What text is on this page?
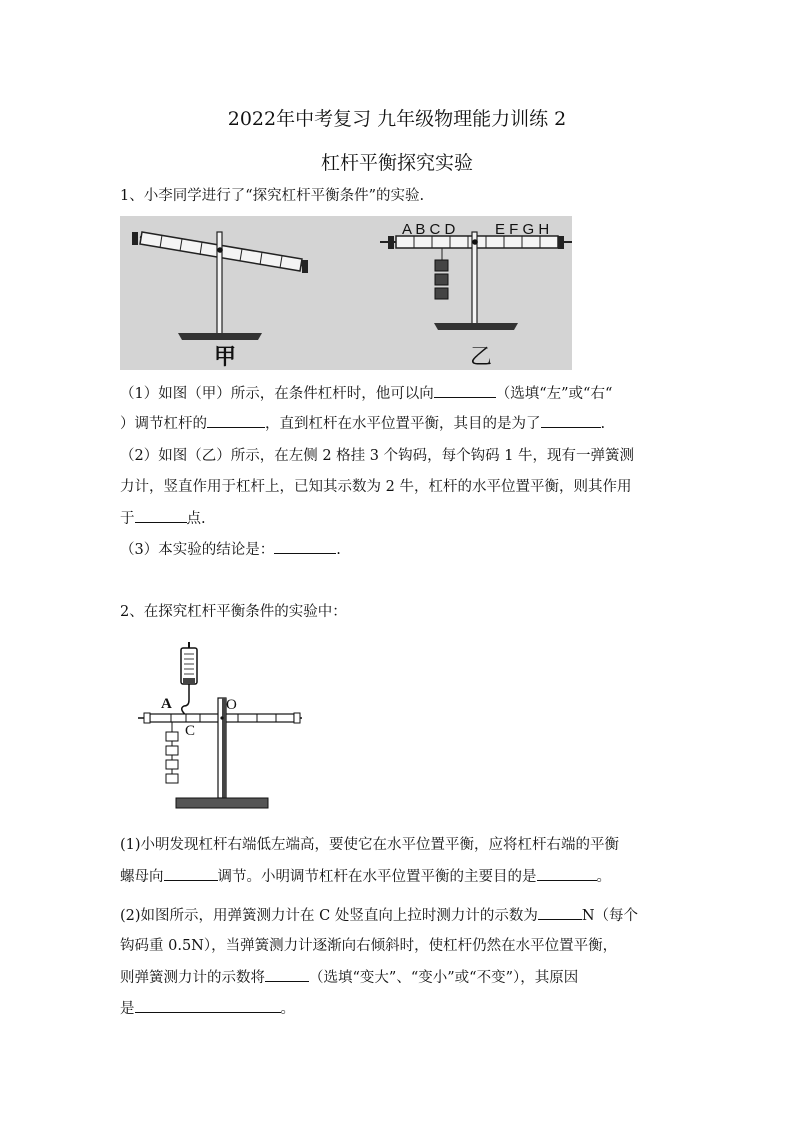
2022年中考复习 九年级物理能力训练 2
杠杆平衡探究实验
1、小李同学进行了“探究杠杆平衡条件”的实验.
甲
A B C D	E F G H
乙
（1）如图（甲）所示，在条件杠杆时，他可以向	（选填“左”或“右“
）调节杠杆的	，直到杠杆在水平位置平衡，其目的是为了	.
（2）如图（乙）所示，在左侧 2 格挂 3 个钩码，每个钩码 1 牛，现有一弹簧测
力计，竖直作用于杠杆上，已知其示数为 2 牛，杠杆的水平位置平衡，则其作用
于	点.
（3）本实验的结论是：	.
2、在探究杠杆平衡条件的实验中：
A
C
O
(1)小明发现杠杆右端低左端高，要使它在水平位置平衡，应将杠杆右端的平衡
螺母向	调节。小明调节杠杆在水平位置平衡的主要目的是	。
(2)如图所示，用弹簧测力计在 C 处竖直向上拉时测力计的示数为	N（每个
钩码重 0.5N），当弹簧测力计逐渐向右倾斜时，使杠杆仍然在水平位置平衡，
则弹簧测力计的示数将	（选填“变大”、“变小”或“不变”），其原因
是	。
